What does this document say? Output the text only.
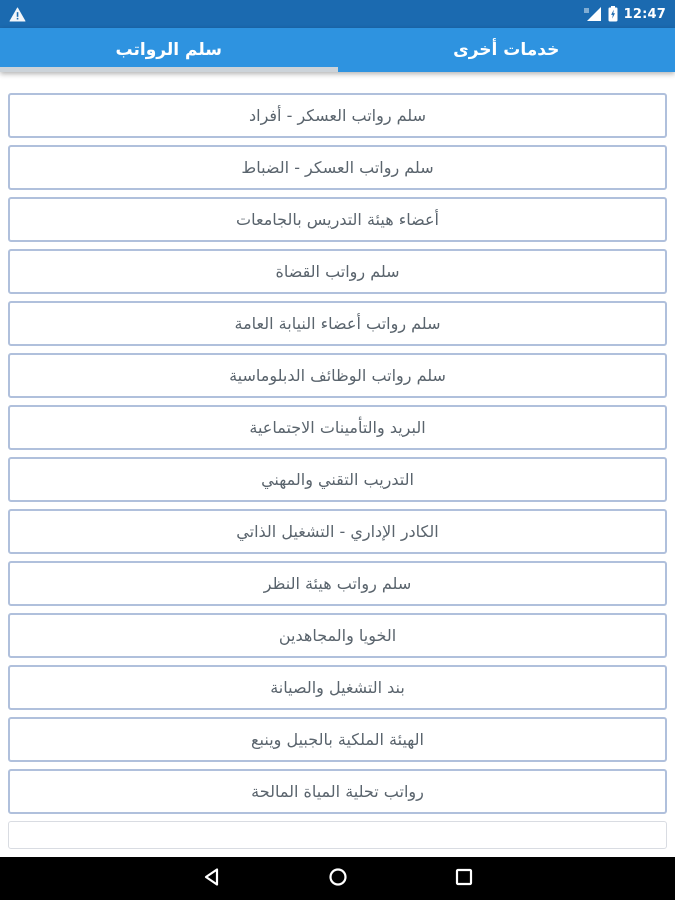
12:47
سلم الرواتب	خدمات أخرى
سلم رواتب العسكر - أفراد
سلم رواتب العسكر - الضباط
أعضاء هيئة التدريس بالجامعات
سلم رواتب القضاة
سلم رواتب أعضاء النيابة العامة
سلم رواتب الوظائف الدبلوماسية
البريد والتأمينات الاجتماعية
التدريب التقني والمهني
الكادر الإداري - التشغيل الذاتي
سلم رواتب هيئة النظر
الخويا والمجاهدين
بند التشغيل والصيانة
الهيئة الملكية بالجبيل وينبع
رواتب تحلية المياة المالحة
